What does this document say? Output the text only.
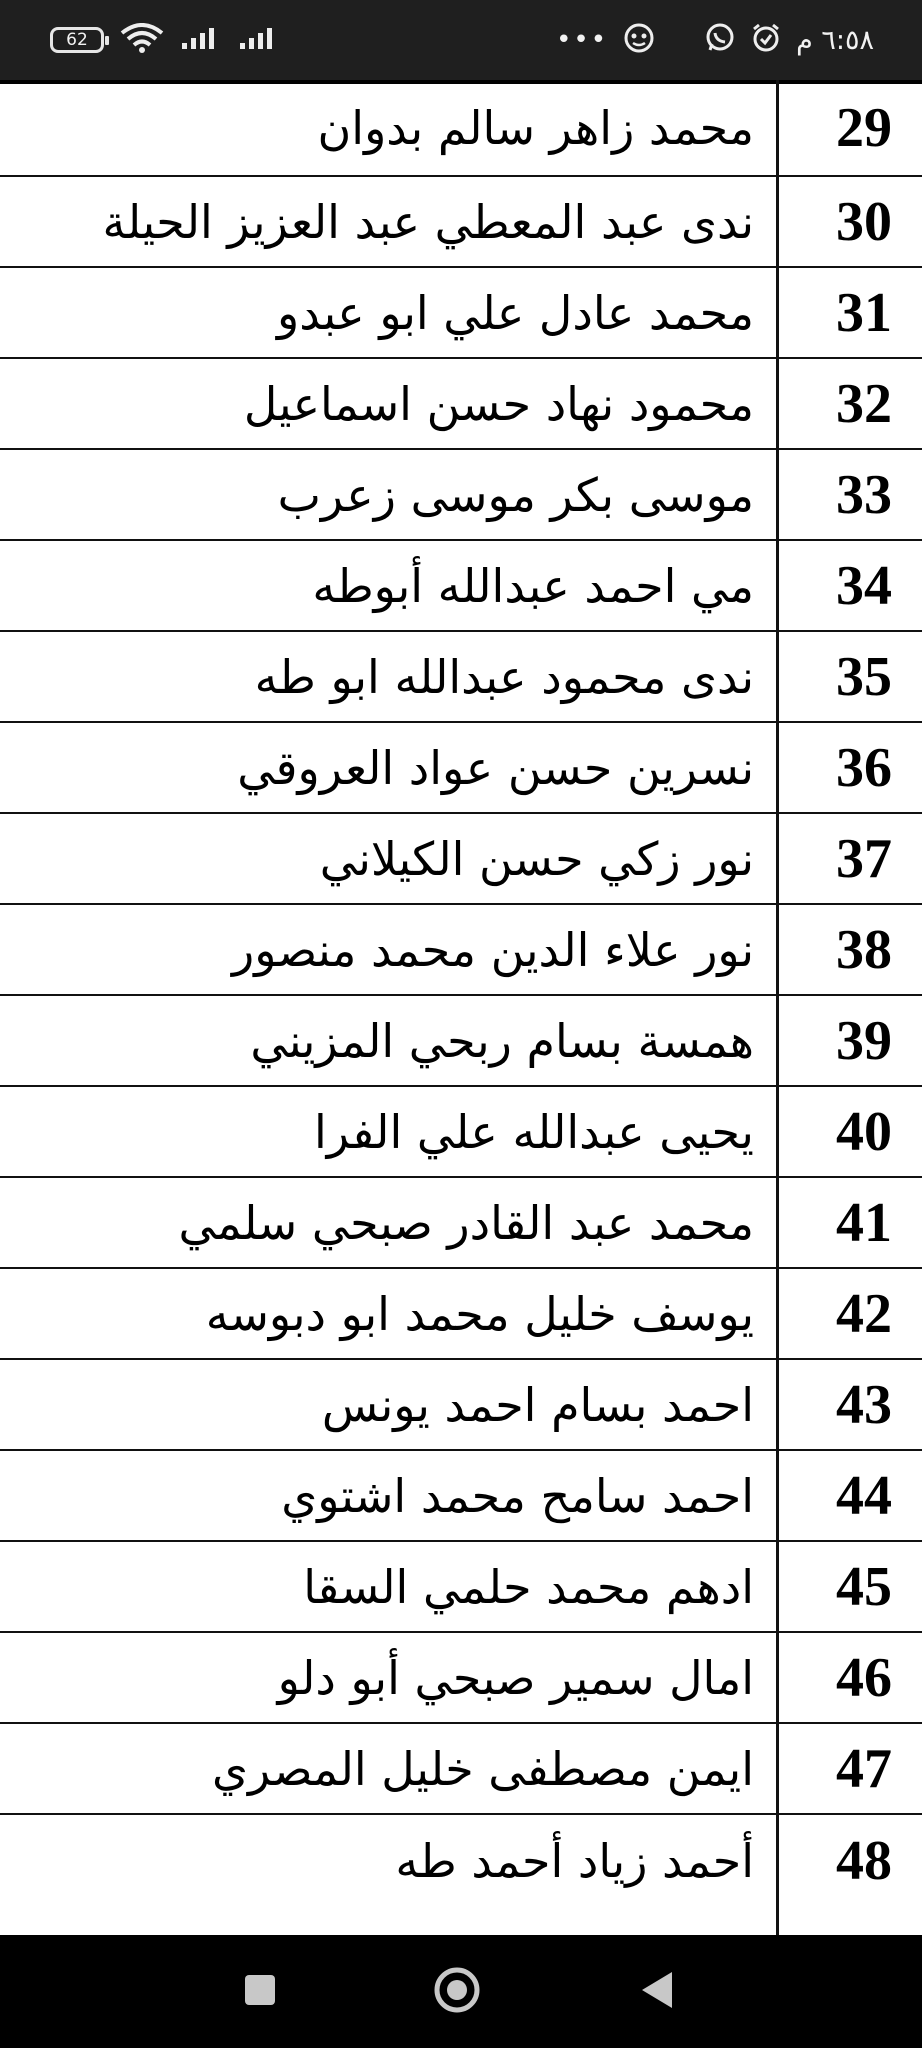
62	•••	٦:٥٨ م
محمد زاهر سالم بدوان	29
ندى عبد المعطي عبد العزيز الحيلة	30
محمد عادل علي ابو عبدو	31
محمود نهاد حسن اسماعيل	32
موسى بكر موسى زعرب	33
مي احمد عبدالله أبوطه	34
ندى محمود عبدالله ابو طه	35
نسرين حسن عواد العروقي	36
نور زكي حسن الكيلاني	37
نور علاء الدين محمد منصور	38
همسة بسام ربحي المزيني	39
يحيى عبدالله علي الفرا	40
محمد عبد القادر صبحي سلمي	41
يوسف خليل محمد ابو دبوسه	42
احمد بسام احمد يونس	43
احمد سامح محمد اشتوي	44
ادهم محمد حلمي السقا	45
امال سمير صبحي أبو دلو	46
ايمن مصطفى خليل المصري	47
أحمد زياد أحمد طه	48
